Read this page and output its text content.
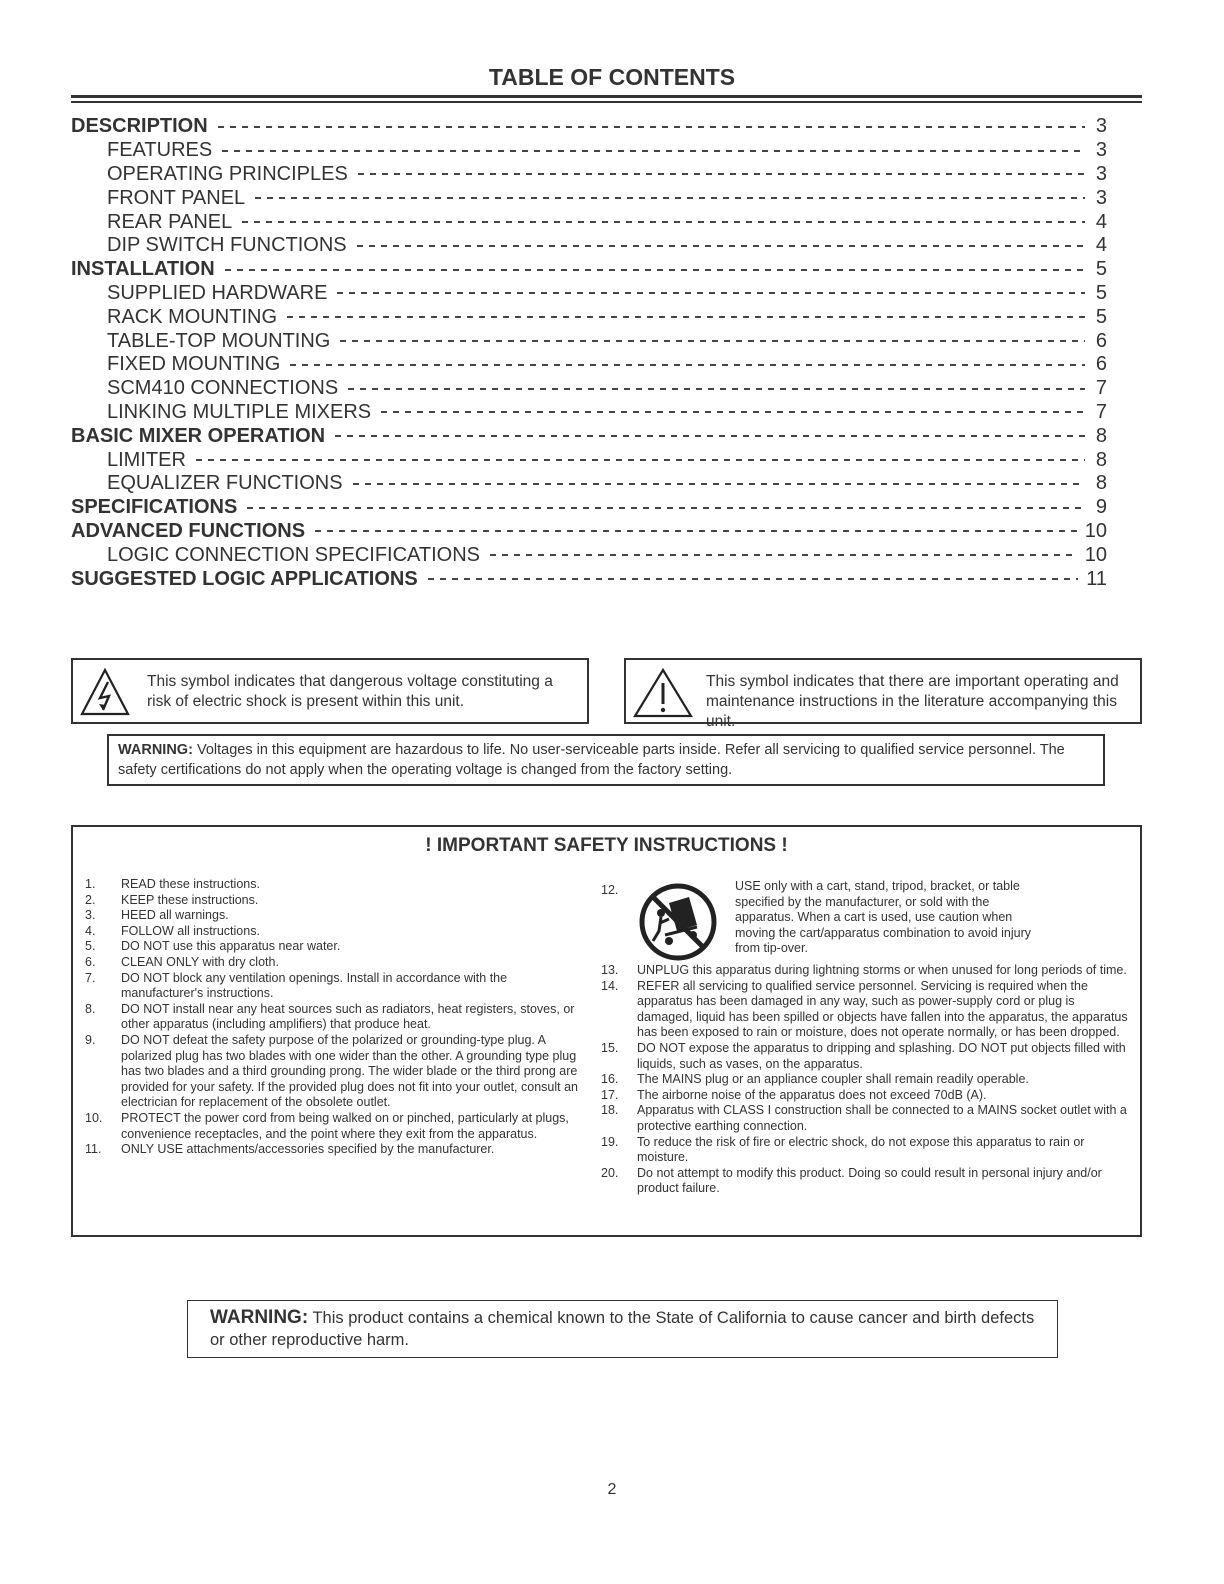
TABLE OF CONTENTS
DESCRIPTION	3
FEATURES	3
OPERATING PRINCIPLES	3
FRONT PANEL	3
REAR PANEL	4
DIP SWITCH FUNCTIONS	4
INSTALLATION	5
SUPPLIED HARDWARE	5
RACK MOUNTING	5
TABLE-TOP MOUNTING	6
FIXED MOUNTING	6
SCM410 CONNECTIONS	7
LINKING MULTIPLE MIXERS	7
BASIC MIXER OPERATION	8
LIMITER	8
EQUALIZER FUNCTIONS	8
SPECIFICATIONS	9
ADVANCED FUNCTIONS	10
LOGIC CONNECTION SPECIFICATIONS	10
SUGGESTED LOGIC APPLICATIONS	11
This symbol indicates that dangerous voltage constituting a risk of electric shock is present within this unit.
This symbol indicates that there are important operating and maintenance instructions in the literature accompanying this unit.
WARNING: Voltages in this equipment are hazardous to life. No user-serviceable parts inside. Refer all servicing to qualified service personnel. The safety certifications do not apply when the operating voltage is changed from the factory setting.
! IMPORTANT SAFETY INSTRUCTIONS !
1.	READ these instructions.
2.	KEEP these instructions.
3.	HEED all warnings.
4.	FOLLOW all instructions.
5.	DO NOT use this apparatus near water.
6.	CLEAN ONLY with dry cloth.
7.	DO NOT block any ventilation openings. Install in accordance with the manufacturer's instructions.
8.	DO NOT install near any heat sources such as radiators, heat registers, stoves, or other apparatus (including amplifiers) that produce heat.
9.	DO NOT defeat the safety purpose of the polarized or grounding-type plug. A polarized plug has two blades with one wider than the other. A grounding type plug has two blades and a third grounding prong. The wider blade or the third prong are provided for your safety. If the provided plug does not fit into your outlet, consult an electrician for replacement of the obsolete outlet.
10.	PROTECT the power cord from being walked on or pinched, particularly at plugs, convenience receptacles, and the point where they exit from the apparatus.
11.	ONLY USE attachments/accessories specified by the manufacturer.
12.	USE only with a cart, stand, tripod, bracket, or table specified by the manufacturer, or sold with the apparatus. When a cart is used, use caution when moving the cart/apparatus combination to avoid injury from tip-over.
13.	UNPLUG this apparatus during lightning storms or when unused for long periods of time.
14.	REFER all servicing to qualified service personnel. Servicing is required when the apparatus has been damaged in any way, such as power-supply cord or plug is damaged, liquid has been spilled or objects have fallen into the apparatus, the apparatus has been exposed to rain or moisture, does not operate normally, or has been dropped.
15.	DO NOT expose the apparatus to dripping and splashing. DO NOT put objects filled with liquids, such as vases, on the apparatus.
16.	The MAINS plug or an appliance coupler shall remain readily operable.
17.	The airborne noise of the apparatus does not exceed 70dB (A).
18.	Apparatus with CLASS I construction shall be connected to a MAINS socket outlet with a protective earthing connection.
19.	To reduce the risk of fire or electric shock, do not expose this apparatus to rain or moisture.
20.	Do not attempt to modify this product. Doing so could result in personal injury and/or product failure.
WARNING: This product contains a chemical known to the State of California to cause cancer and birth defects or other reproductive harm.
2
